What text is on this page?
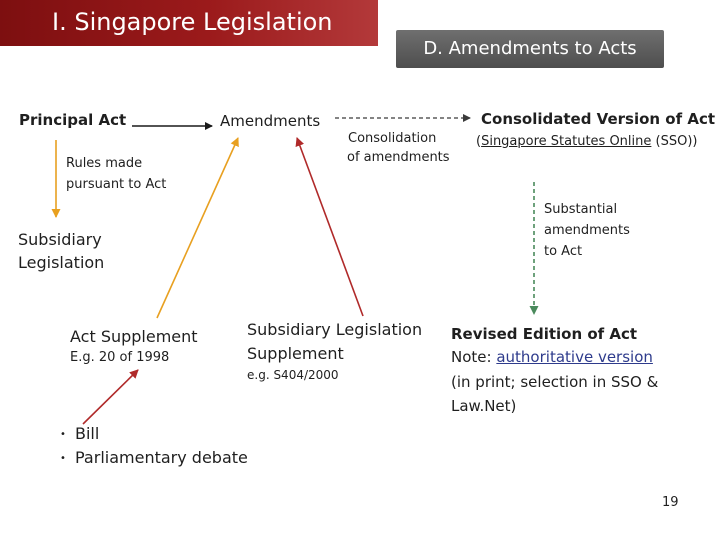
I. Singapore Legislation
D. Amendments to Acts
Principal Act	Amendments	Consolidated Version of Act
Consolidation
of amendments
(Singapore Statutes Online (SSO))
Rules made
pursuant to Act
Substantial
amendments
to Act
Subsidiary
Legislation
Act Supplement
E.g. 20 of 1998
Subsidiary Legislation
Supplement
e.g. S404/2000
Revised Edition of Act
Note: authoritative version
(in print; selection in SSO &
Law.Net)
• Bill
• Parliamentary debate
19
